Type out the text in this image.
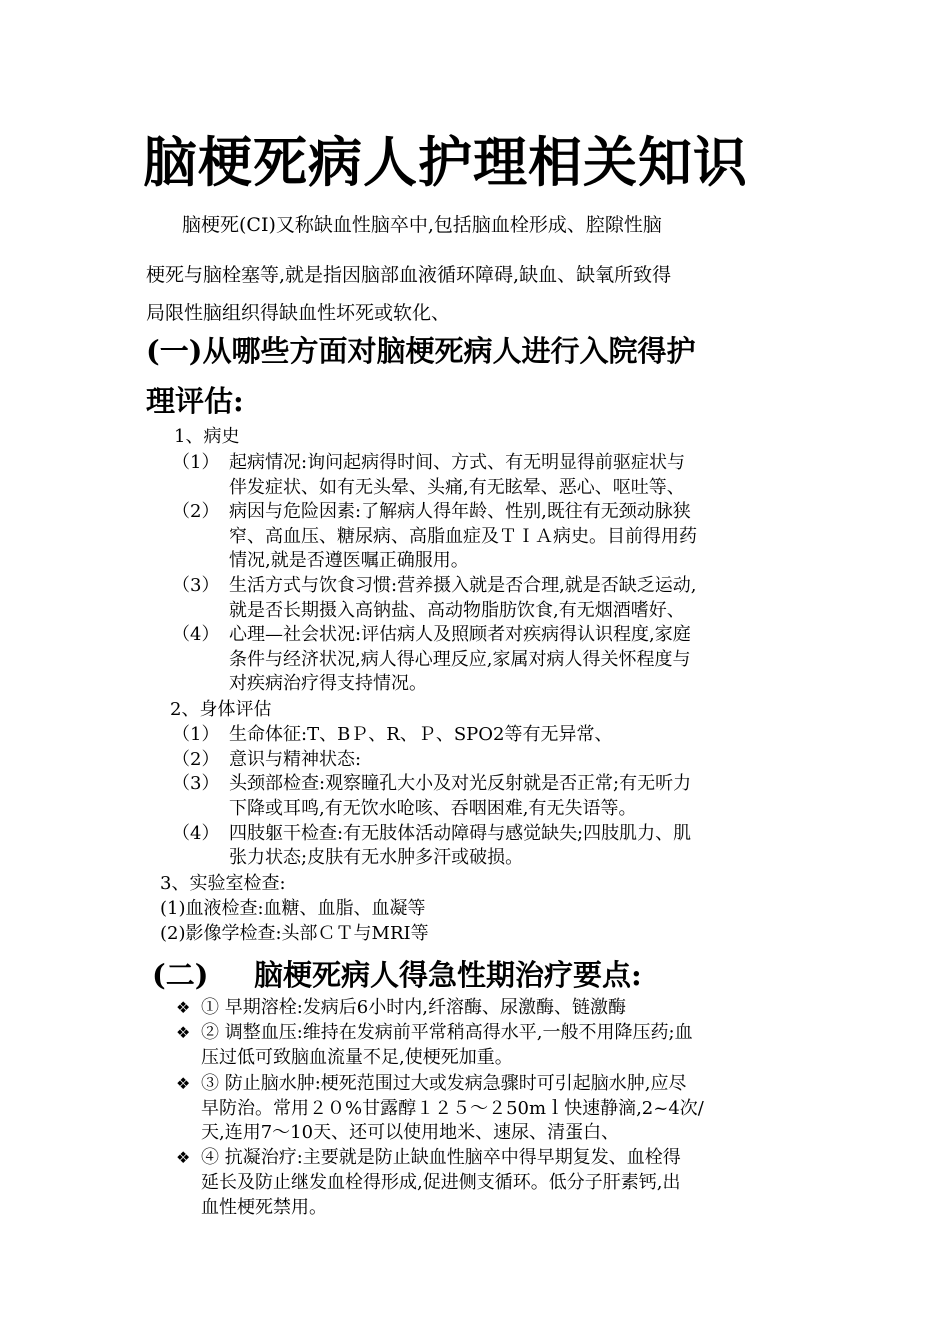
脑梗死病人护理相关知识

脑梗死(CⅠ)又称缺血性脑卒中,包括脑血栓形成、腔隙性脑

梗死与脑栓塞等,就是指因脑部血液循环障碍,缺血、缺氧所致得

局限性脑组织得缺血性坏死或软化、

(一)从哪些方面对脑梗死病人进行入院得护
理评估:
1、病史
（1） 起病情况:询问起病得时间、方式、有无明显得前驱症状与
伴发症状、如有无头晕、头痛,有无眩晕、恶心、呕吐等、
（2） 病因与危险因素:了解病人得年龄、性别,既往有无颈动脉狭
窄、高血压、糖尿病、高脂血症及ＴＩＡ病史。目前得用药
情况,就是否遵医嘱正确服用。
（3） 生活方式与饮食习惯:营养摄入就是否合理,就是否缺乏运动,
就是否长期摄入高钠盐、高动物脂肪饮食,有无烟酒嗜好、
（4） 心理—社会状况:评估病人及照顾者对疾病得认识程度,家庭
条件与经济状况,病人得心理反应,家属对病人得关怀程度与
对疾病治疗得支持情况。
2、身体评估
（1） 生命体征:T、BＰ、R、Ｐ、SPO2等有无异常、
（2） 意识与精神状态:
（3） 头颈部检查:观察瞳孔大小及对光反射就是否正常;有无听力
下降或耳鸣,有无饮水呛咳、吞咽困难,有无失语等。
（4） 四肢躯干检查:有无肢体活动障碍与感觉缺失;四肢肌力、肌
张力状态;皮肤有无水肿多汗或破损。
3、实验室检查:
(1)血液检查:血糖、血脂、血凝等
(2)影像学检查:头部ＣＴ与MRI等
(二) 脑梗死病人得急性期治疗要点:
❖ ① 早期溶栓:发病后6小时内,纤溶酶、尿激酶、链激酶
❖ ② 调整血压:维持在发病前平常稍高得水平,一般不用降压药;血
压过低可致脑血流量不足,使梗死加重。
❖ ③ 防止脑水肿:梗死范围过大或发病急骤时可引起脑水肿,应尽
早防治。常用２０%甘露醇１２５～２50mｌ快速静滴,2~4次/
天,连用7～10天、还可以使用地米、速尿、清蛋白、
❖ ④ 抗凝治疗:主要就是防止缺血性脑卒中得早期复发、血栓得
延长及防止继发血栓得形成,促进侧支循环。低分子肝素钙,出
血性梗死禁用。
